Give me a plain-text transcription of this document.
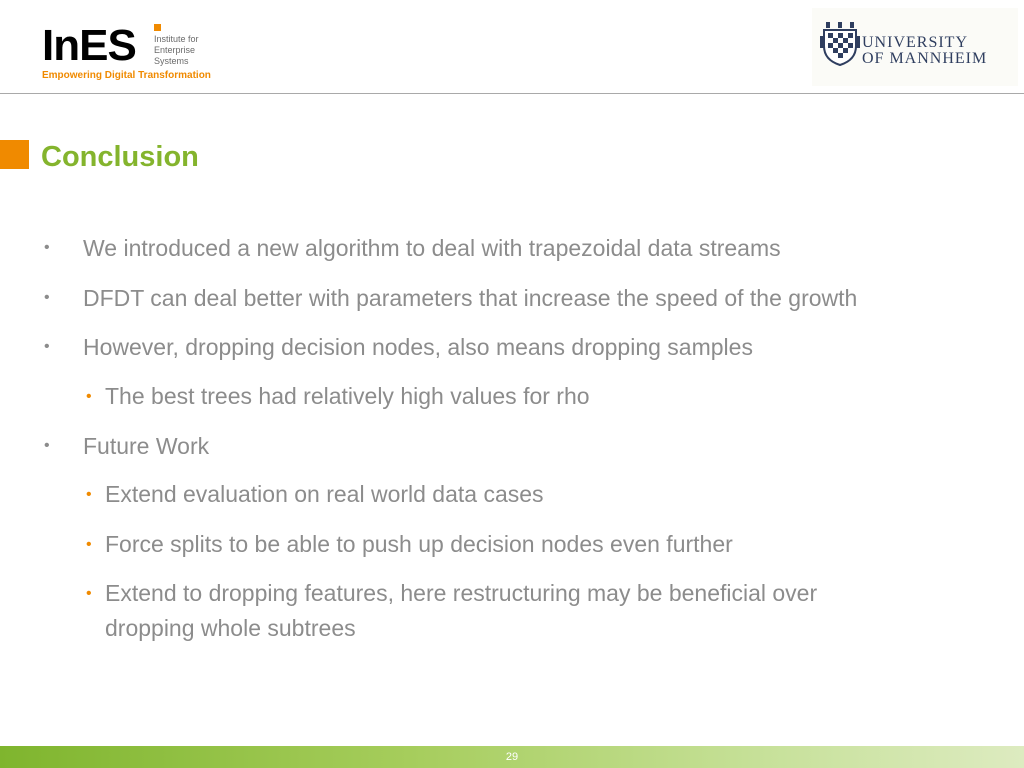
InES Institute for
Enterprise
Systems
Empowering Digital Transformation
UNIVERSITY
OF MANNHEIM
Conclusion
• We introduced a new algorithm to deal with trapezoidal data streams
• DFDT can deal better with parameters that increase the speed of the growth
• However, dropping decision nodes, also means dropping samples
• The best trees had relatively high values for rho
• Future Work
• Extend evaluation on real world data cases
• Force splits to be able to push up decision nodes even further
• Extend to dropping features, here restructuring may be beneficial over
dropping whole subtrees
29
